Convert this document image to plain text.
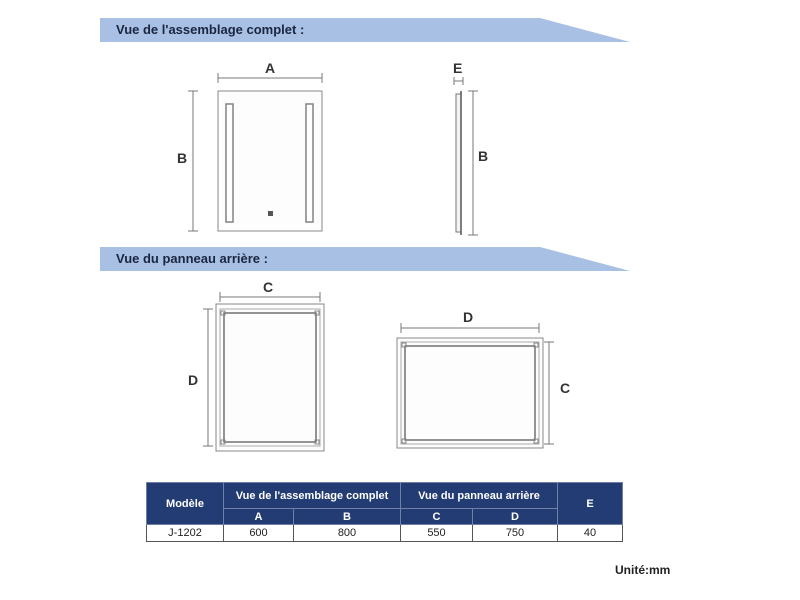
Vue de l'assemblage complet :
Vue du panneau arrière :
A
B
E
B
C
D
D
C
Modèle	Vue de l'assemblage complet		Vue du panneau arrière		E
	A	B	C	D	
J-1202	600	800	550	750	40
Unité:mm
